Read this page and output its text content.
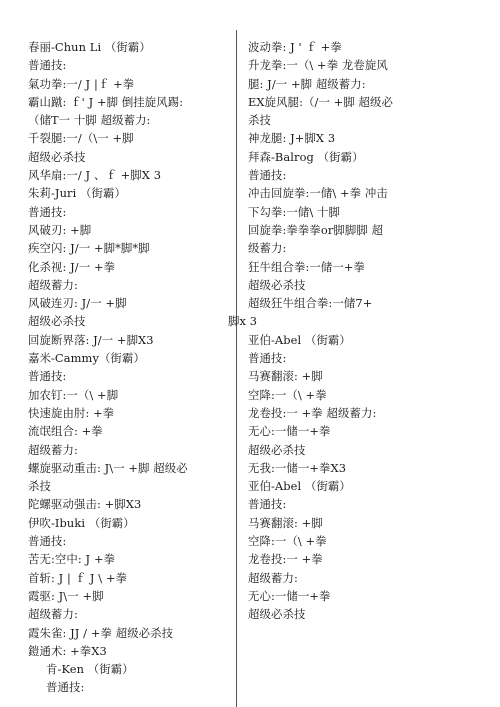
春丽-Chun Li （街霸）
普通技:
氣功拳:一/ J |ｆ +拳
霸山蹴: ｆ' J +脚 倒挂旋风踢:
（储T一 十脚 超级蓄力:
千裂腿:一/（\一 +脚
超级必杀技
风华扇:一/ J 、ｆ +脚X 3
朱莉-Juri （街霸）
普通技:
风破刃: +脚
疾空闪: J/一 +脚*脚*脚
化杀视: J/一 +拳
超级蓄力:
风破连刃: J/一 +脚
超级必杀技
回旋断界落: J/一 +脚X3
嘉米-Cammy（街霸）
普通技:
加农钉:一（\ +脚
快速旋由肘: +拳
流氓组合: +拳
超级蓄力:
螺旋驱动重击: J\一 +脚 超级必
杀技
陀螺驱动强击: +脚X3
伊吹-Ibuki （街霸）
普通技:
苦无:空中: J +拳
首斩: J | ｆ J \ +拳
霞驱: J\一 +脚
超级蓄力:
霞朱雀: JJ / +拳 超级必杀技
鎧通术: +拳X3
肯-Ken （街霸）
普通技:
波动拳: J ' ｆ +拳
升龙拳:一（\ +拳 龙卷旋风
腿: J/一 +脚 超级蓄力:
EX旋风腿:（/一 +脚 超级必
杀技
神龙腿: J+脚X 3
拜森-Balrog （街霸）
普通技:
冲击回旋拳:一储\ +拳 冲击
下勾拳:一储\ 十脚
回旋拳:拳拳拳or脚脚脚 超
级蓄力:
狂牛组合拳:一储一+拳
超级必杀技
超级狂牛组合拳:一储7+
脚x 3
亚伯-Abel （街霸）
普通技:
马赛翻滚: +脚
空降:一（\ +拳
龙卷投:一 +拳 超级蓄力:
无心:一储一+拳
超级必杀技
无我:一储一+拳X3
亚伯-Abel （街霸）
普通技:
马赛翻滚: +脚
空降:一（\ +拳
龙卷投:一 +拳
超级蓄力:
无心:一储一+拳
超级必杀技
